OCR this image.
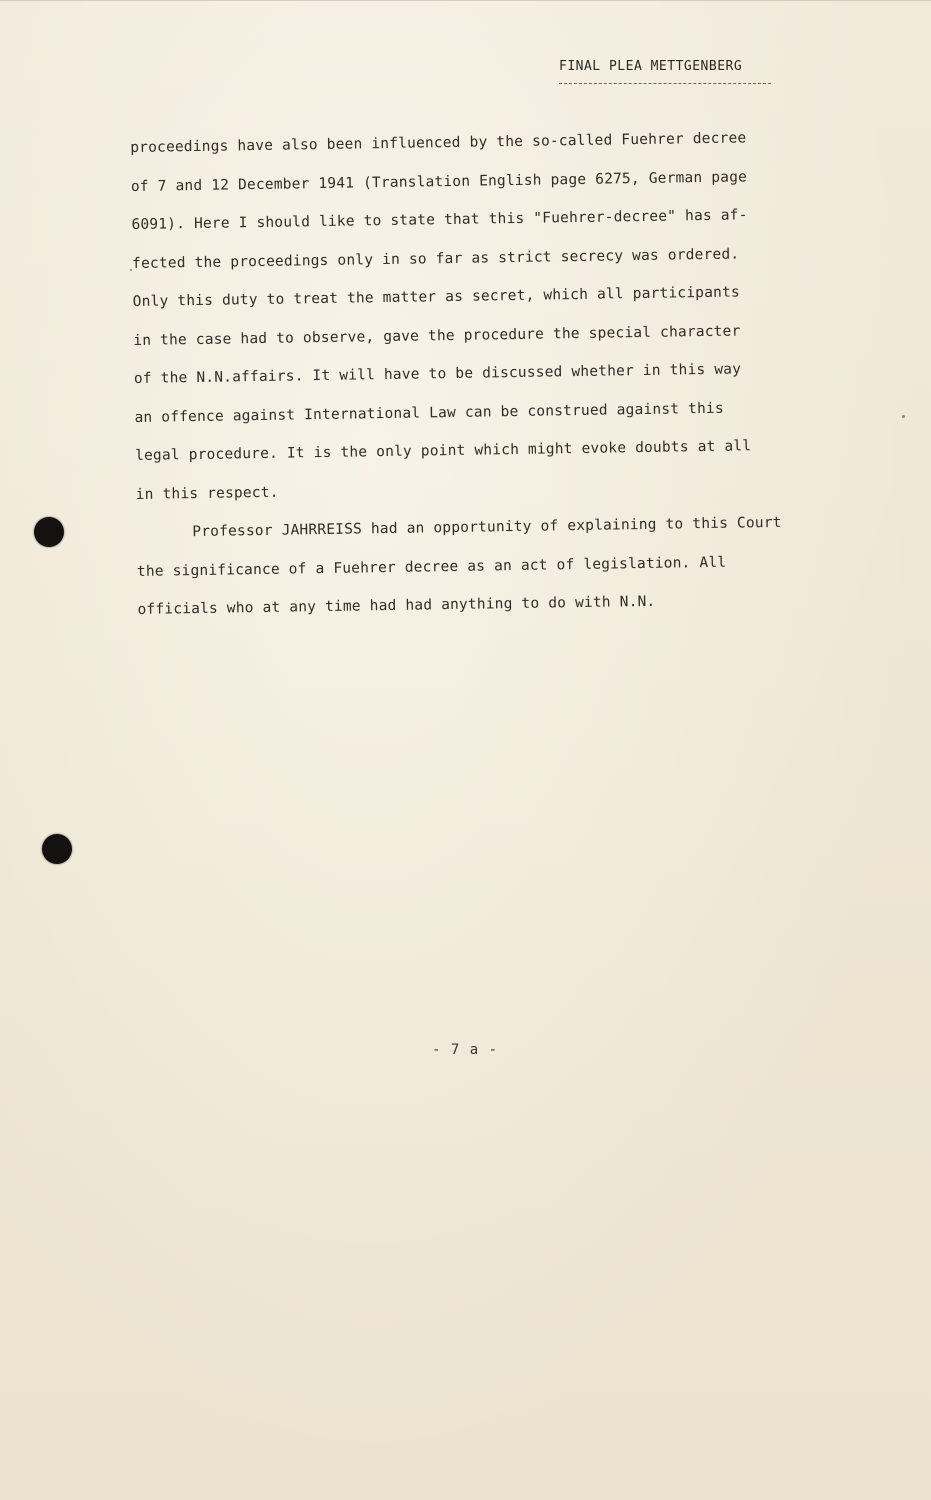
FINAL PLEA METTGENBERG
proceedings have also been influenced by the so-called Fuehrer decree
of 7 and 12 December 1941 (Translation English page 6275, German page
6091). Here I should like to state that this "Fuehrer-decree" has af-
fected the proceedings only in so far as strict secrecy was ordered.
Only this duty to treat the matter as secret, which all participants
in the case had to observe, gave the procedure the special character
of the N.N.affairs. It will have to be discussed whether in this way
an offence against International Law can be construed against this
legal procedure. It is the only point which might evoke doubts at all
in this respect.
Professor JAHRREISS had an opportunity of explaining to this Court
the significance of a Fuehrer decree as an act of legislation. All
officials who at any time had had anything to do with N.N.
- 7 a -
